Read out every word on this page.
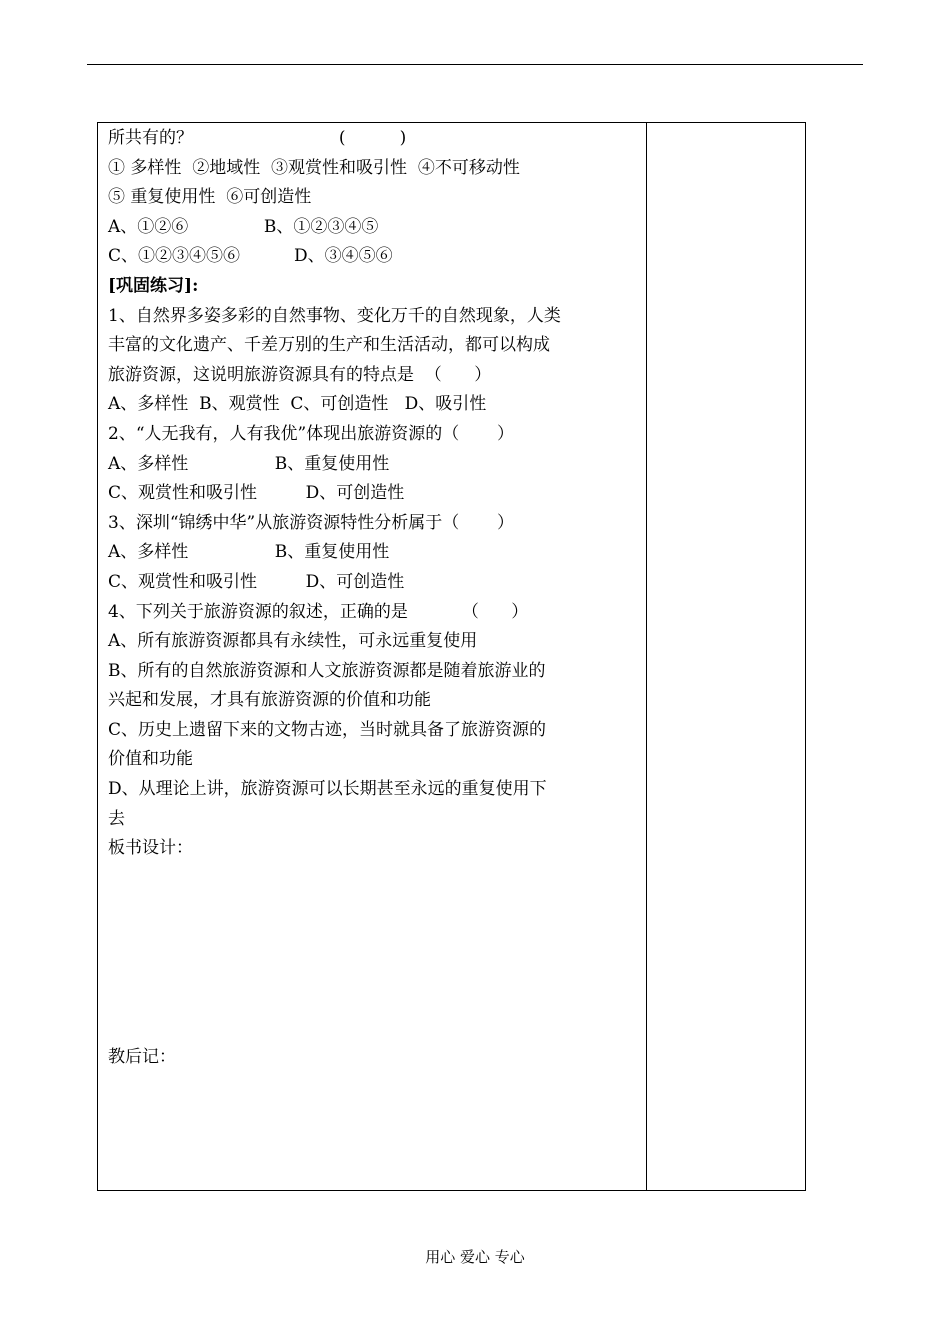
所共有的？                           (          )
① 多样性  ②地域性  ③观赏性和吸引性  ④不可移动性
⑤ 重复使用性  ⑥可创造性
A、①②⑥              B、①②③④⑤
C、①②③④⑤⑥          D、③④⑤⑥
[巩固练习]:
1、自然界多姿多彩的自然事物、变化万千的自然现象，人类
丰富的文化遗产、千差万别的生产和生活活动，都可以构成
旅游资源，这说明旅游资源具有的特点是  （      ）
A、多样性  B、观赏性  C、可创造性   D、吸引性
2、“人无我有，人有我优”体现出旅游资源的（       ）
A、多样性                B、重复使用性
C、观赏性和吸引性         D、可创造性
3、深圳“锦绣中华”从旅游资源特性分析属于（       ）
A、多样性                B、重复使用性
C、观赏性和吸引性         D、可创造性
4、下列关于旅游资源的叙述，正确的是          （      ）
A、所有旅游资源都具有永续性，可永远重复使用
B、所有的自然旅游资源和人文旅游资源都是随着旅游业的
兴起和发展，才具有旅游资源的价值和功能
C、历史上遗留下来的文物古迹，当时就具备了旅游资源的
价值和功能
D、从理论上讲，旅游资源可以长期甚至永远的重复使用下
去
板书设计：
教后记：
用心 爱心 专心
